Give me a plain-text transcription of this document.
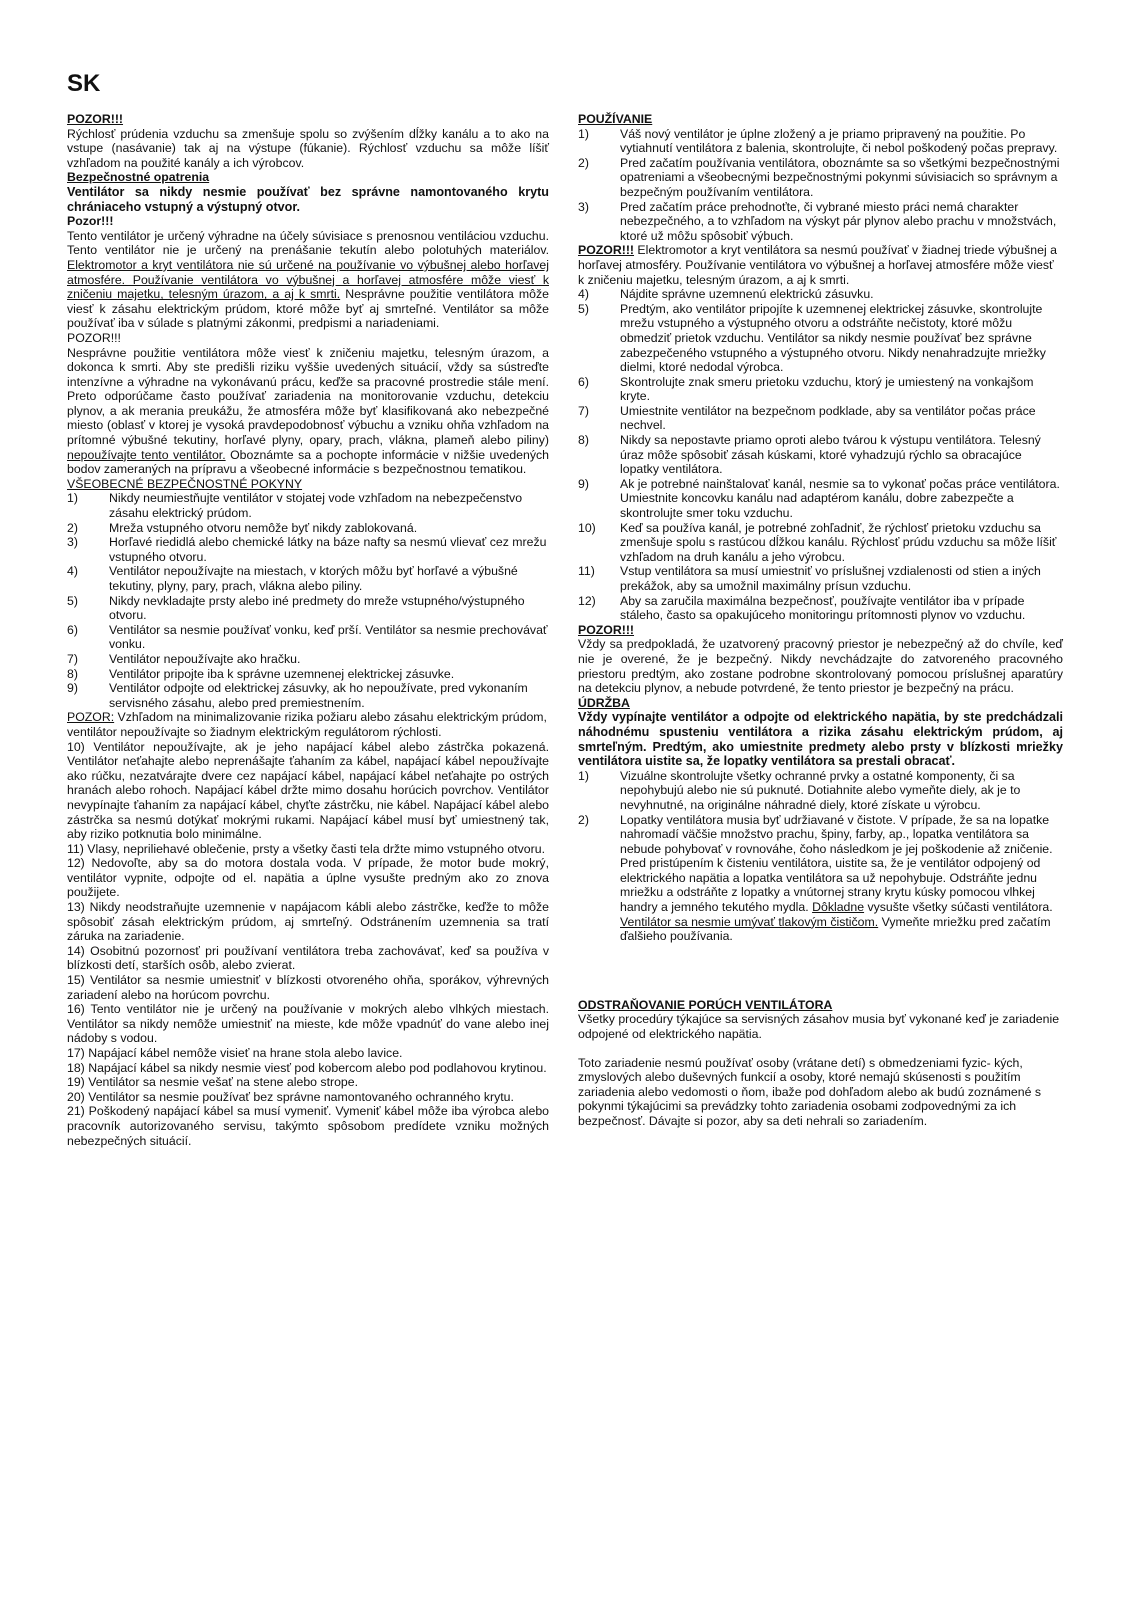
SK

POZOR!!!

Rýchlosť prúdenia vzduchu sa zmenšuje spolu so zvýšením dĺžky kanálu a to ako na vstupe (nasávanie) tak aj na výstupe (fúkanie). Rýchlosť vzduchu sa môže líšiť vzhľadom na použité kanály a ich výrobcov.

Bezpečnostné opatrenia

Ventilátor sa nikdy nesmie používať bez správne namontovaného krytu chrániaceho vstupný a výstupný otvor.

Pozor!!!

Tento ventilátor je určený výhradne na účely súvisiace s prenosnou ventiláciou vzduchu. Tento ventilátor nie je určený na prenášanie tekutín alebo polotuhých materiálov. Elektromotor a kryt ventilátora nie sú určené na používanie vo výbušnej alebo horľavej atmosfére. Používanie ventilátora vo výbušnej a horľavej atmosfére môže viesť k zničeniu majetku, telesným úrazom, a aj k smrti. Nesprávne použitie ventilátora môže viesť k zásahu elektrickým prúdom, ktoré môže byť aj smrteľné. Ventilátor sa môže používať iba v súlade s platnými zákonmi, predpismi a nariadeniami.

POZOR!!!

Nesprávne použitie ventilátora môže viesť k zničeniu majetku, telesným úrazom, a dokonca k smrti. Aby ste predišli riziku vyššie uvedených situácií, vždy sa sústreďte intenzívne a výhradne na vykonávanú prácu, keďže sa pracovné prostredie stále mení. Preto odporúčame často používať zariadenia na monitorovanie vzduchu, detekciu plynov, a ak merania preukážu, že atmosféra môže byť klasifikovaná ako nebezpečné miesto (oblasť v ktorej je vysoká pravdepodobnosť výbuchu a vzniku ohňa vzhľadom na prítomné výbušné tekutiny, horľavé plyny, opary, prach, vlákna, plameň alebo piliny) nepoužívajte tento ventilátor. Oboznámte sa a pochopte informácie v nižšie uvedených bodov zameraných na prípravu a všeobecné informácie s bezpečnostnou tematikou.

VŠEOBECNÉ BEZPEČNOSTNÉ POKYNY

1)	Nikdy neumiestňujte ventilátor v stojatej vode vzhľadom na nebezpečenstvo zásahu elektrický prúdom.
2)	Mreža vstupného otvoru nemôže byť nikdy zablokovaná.
3)	Horľavé riedidlá alebo chemické látky na báze nafty sa nesmú vlievať cez mrežu vstupného otvoru.
4)	Ventilátor nepoužívajte na miestach, v ktorých môžu byť horľavé a výbušné tekutiny, plyny, pary, prach, vlákna alebo piliny.
5)	Nikdy nevkladajte prsty alebo iné predmety do mreže vstupného/výstupného otvoru.
6)	Ventilátor sa nesmie používať vonku, keď prší. Ventilátor sa nesmie prechovávať vonku.
7)	Ventilátor nepoužívajte ako hračku.
8)	Ventilátor pripojte iba k správne uzemnenej elektrickej zásuvke.
9)	Ventilátor odpojte od elektrickej zásuvky, ak ho nepoužívate, pred vykonaním servisného zásahu, alebo pred premiestnením.

POZOR: Vzhľadom na minimalizovanie rizika požiaru alebo zásahu elektrickým prúdom, ventilátor nepoužívajte so žiadnym elektrickým regulátorom rýchlosti.

10) Ventilátor nepoužívajte, ak je jeho napájací kábel alebo zástrčka pokazená. Ventilátor neťahajte alebo neprenášajte ťahaním za kábel, napájací kábel nepoužívajte ako rúčku, nezatvárajte dvere cez napájací kábel, napájací kábel neťahajte po ostrých hranách alebo rohoch. Napájací kábel držte mimo dosahu horúcich povrchov. Ventilátor nevypínajte ťahaním za napájací kábel, chyťte zástrčku, nie kábel. Napájací kábel alebo zástrčka sa nesmú dotýkať mokrými rukami. Napájací kábel musí byť umiestnený tak, aby riziko potknutia bolo minimálne.

11) Vlasy, nepriliehavé oblečenie, prsty a všetky časti tela držte mimo vstupného otvoru.

12) Nedovoľte, aby sa do motora dostala voda. V prípade, že motor bude mokrý, ventilátor vypnite, odpojte od el. napätia a úplne vysušte predným ako zo znova použijete.

13) Nikdy neodstraňujte uzemnenie v napájacom kábli alebo zástrčke, keďže to môže spôsobiť zásah elektrickým prúdom, aj smrteľný. Odstránením uzemnenia sa tratí záruka na zariadenie.

14) Osobitnú pozornosť pri používaní ventilátora treba zachovávať, keď sa používa v blízkosti detí, starších osôb, alebo zvierat.

15) Ventilátor sa nesmie umiestniť v blízkosti otvoreného ohňa, sporákov, výhrevných zariadení alebo na horúcom povrchu.

16) Tento ventilátor nie je určený na používanie v mokrých alebo vlhkých miestach. Ventilátor sa nikdy nemôže umiestniť na mieste, kde môže vpadnúť do vane alebo inej nádoby s vodou.

17) Napájací kábel nemôže visieť na hrane stola alebo lavice.

18) Napájací kábel sa nikdy nesmie viesť pod kobercom alebo pod podlahovou krytinou.

19) Ventilátor sa nesmie vešať na stene alebo strope.

20) Ventilátor sa nesmie používať bez správne namontovaného ochranného krytu.

21) Poškodený napájací kábel sa musí vymeniť. Vymeniť kábel môže iba výrobca alebo pracovník autorizovaného servisu, takýmto spôsobom predídete vzniku možných nebezpečných situácií.

POUŽÍVANIE

1)	Váš nový ventilátor je úplne zložený a je priamo pripravený na použitie. Po vytiahnutí ventilátora z balenia, skontrolujte, či nebol poškodený počas prepravy.
2)	Pred začatím používania ventilátora, oboznámte sa so všetkými bezpečnostnými opatreniami a všeobecnými bezpečnostnými pokynmi súvisiacich so správnym a bezpečným používaním ventilátora.
3)	Pred začatím práce prehodnoťte, či vybrané miesto práci nemá charakter nebezpečného, a to vzhľadom na výskyt pár plynov alebo prachu v množstvách, ktoré už môžu spôsobiť výbuch.

POZOR!!! Elektromotor a kryt ventilátora sa nesmú používať v žiadnej triede výbušnej a horľavej atmosféry. Používanie ventilátora vo výbušnej a horľavej atmosfére môže viesť k zničeniu majetku, telesným úrazom, a aj k smrti.

4)	Nájdite správne uzemnenú elektrickú zásuvku.
5)	Predtým, ako ventilátor pripojíte k uzemnenej elektrickej zásuvke, skontrolujte mrežu vstupného a výstupného otvoru a odstráňte nečistoty, ktoré môžu obmedziť prietok vzduchu. Ventilátor sa nikdy nesmie používať bez správne zabezpečeného vstupného a výstupného otvoru. Nikdy nenahradzujte mriežky dielmi, ktoré nedodal výrobca.
6)	Skontrolujte znak smeru prietoku vzduchu, ktorý je umiestený na vonkajšom kryte.
7)	Umiestnite ventilátor na bezpečnom podklade, aby sa ventilátor počas práce nechvel.
8)	Nikdy sa nepostavte priamo oproti alebo tvárou k výstupu ventilátora. Telesný úraz môže spôsobiť zásah kúskami, ktoré vyhadzujú rýchlo sa obracajúce lopatky ventilátora.
9)	Ak je potrebné nainštalovať kanál, nesmie sa to vykonať počas práce ventilátora. Umiestnite koncovku kanálu nad adaptérom kanálu, dobre zabezpečte a skontrolujte smer toku vzduchu.
10)	Keď sa používa kanál, je potrebné zohľadniť, že rýchlosť prietoku vzduchu sa zmenšuje spolu s rastúcou dĺžkou kanálu. Rýchlosť prúdu vzduchu sa môže líšiť vzhľadom na druh kanálu a jeho výrobcu.
11)	Vstup ventilátora sa musí umiestniť vo príslušnej vzdialenosti od stien a iných prekážok, aby sa umožnil maximálny prísun vzduchu.
12)	Aby sa zaručila maximálna bezpečnosť, používajte ventilátor iba v prípade stáleho, často sa opakujúceho monitoringu prítomnosti plynov vo vzduchu.

POZOR!!!

Vždy sa predpokladá, že uzatvorený pracovný priestor je nebezpečný až do chvíle, keď nie je overené, že je bezpečný. Nikdy nevchádzajte do zatvoreného pracovného priestoru predtým, ako zostane podrobne skontrolovaný pomocou príslušnej aparatúry na detekciu plynov, a nebude potvrdené, že tento priestor je bezpečný na prácu.

ÚDRŽBA

Vždy vypínajte ventilátor a odpojte od elektrického napätia, by ste predchádzali náhodnému spusteniu ventilátora a rizika zásahu elektrickým prúdom, aj smrteľným. Predtým, ako umiestnite predmety alebo prsty v blízkosti mriežky ventilátora uistite sa, že lopatky ventilátora sa prestali obracať.

1)	Vizuálne skontrolujte všetky ochranné prvky a ostatné komponenty, či sa nepohybujú alebo nie sú puknuté. Dotiahnite alebo vymeňte diely, ak je to nevyhnutné, na originálne náhradné diely, ktoré získate u výrobcu.
2)	Lopatky ventilátora musia byť udržiavané v čistote. V prípade, že sa na lopatke nahromadí väčšie množstvo prachu, špiny, farby, ap., lopatka ventilátora sa nebude pohybovať v rovnováhe, čoho následkom je jej poškodenie až zničenie. Pred pristúpením k čisteniu ventilátora, uistite sa, že je ventilátor odpojený od elektrického napätia a lopatka ventilátora sa už nepohybuje. Odstráňte jednu mriežku a odstráňte z lopatky a vnútornej strany krytu kúsky pomocou vlhkej handry a jemného tekutého mydla. Dôkladne vysušte všetky súčasti ventilátora. Ventilátor sa nesmie umývať tlakovým čističom. Vymeňte mriežku pred začatím ďalšieho používania.

ODSTRAŇOVANIE PORÚCH VENTILÁTORA

Všetky procedúry týkajúce sa servisných zásahov musia byť vykonané keď je zariadenie odpojené od elektrického napätia.

Toto zariadenie nesmú používať osoby (vrátane detí) s obmedzeniami fyzic- kých, zmyslových alebo duševných funkcií a osoby, ktoré nemajú skúsenosti s použitím zariadenia alebo vedomosti o ňom, ibaže pod dohľadom alebo ak budú zoznámené s pokynmi týkajúcimi sa prevádzky tohto zariadenia osobami zodpovednými za ich bezpečnosť. Dávajte si pozor, aby sa deti nehrali so zariadením.
